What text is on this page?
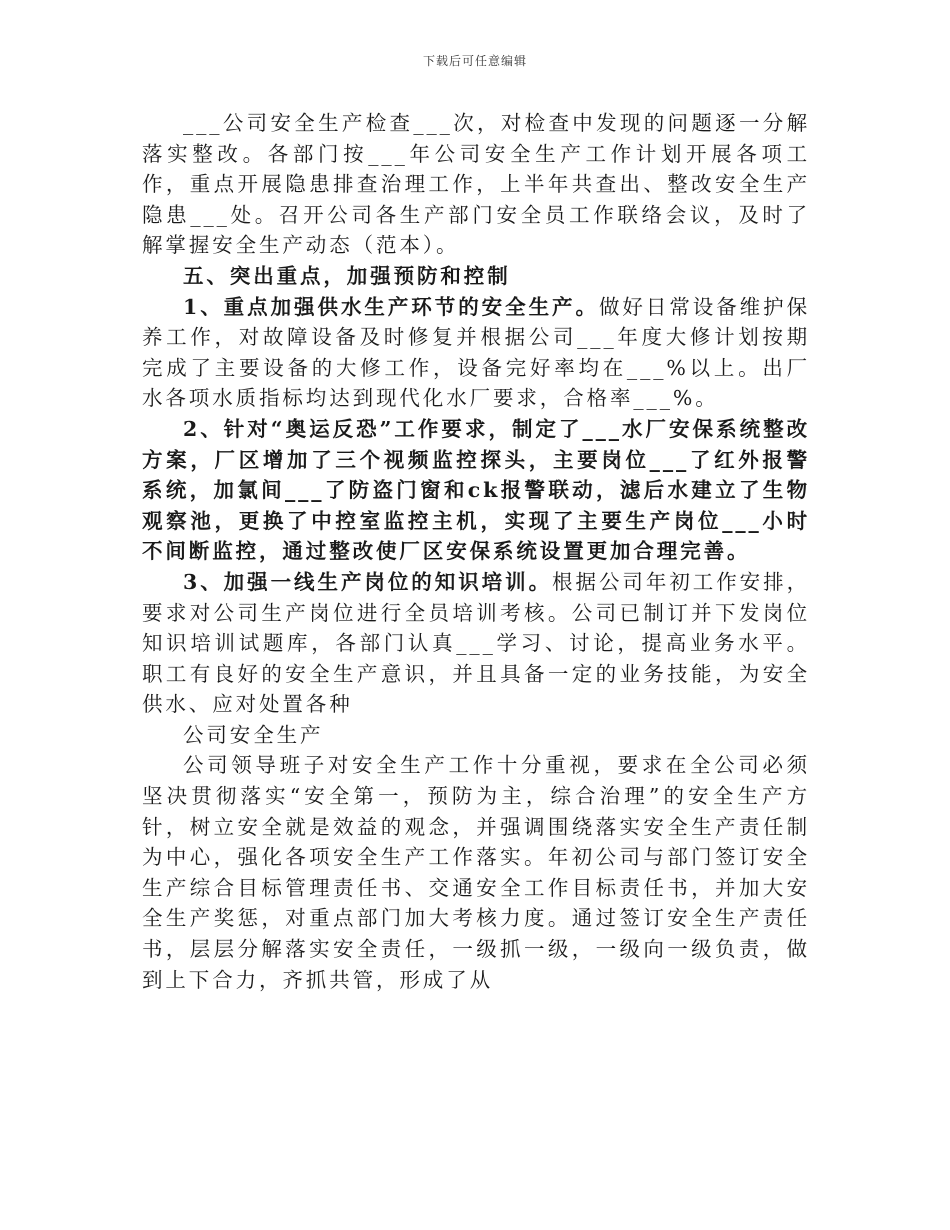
下载后可任意编辑

___公司安全生产检查___次，对检查中发现的问题逐一分解落实整改。各部门按___年公司安全生产工作计划开展各项工作，重点开展隐患排查治理工作，上半年共查出、整改安全生产隐患___处。召开公司各生产部门安全员工作联络会议，及时了解掌握安全生产动态（范本）。

五、突出重点，加强预防和控制

1、重点加强供水生产环节的安全生产。做好日常设备维护保养工作，对故障设备及时修复并根据公司___年度大修计划按期完成了主要设备的大修工作，设备完好率均在___%以上。出厂水各项水质指标均达到现代化水厂要求，合格率___%。

2、针对“奥运反恐”工作要求，制定了___水厂安保系统整改方案，厂区增加了三个视频监控探头，主要岗位___了红外报警系统，加氯间___了防盗门窗和ck报警联动，滤后水建立了生物观察池，更换了中控室监控主机，实现了主要生产岗位___小时不间断监控，通过整改使厂区安保系统设置更加合理完善。

3、加强一线生产岗位的知识培训。根据公司年初工作安排，要求对公司生产岗位进行全员培训考核。公司已制订并下发岗位知识培训试题库，各部门认真___学习、讨论，提高业务水平。职工有良好的安全生产意识，并且具备一定的业务技能，为安全供水、应对处置各种

公司安全生产

公司领导班子对安全生产工作十分重视，要求在全公司必须坚决贯彻落实“安全第一，预防为主，综合治理”的安全生产方针，树立安全就是效益的观念，并强调围绕落实安全生产责任制为中心，强化各项安全生产工作落实。年初公司与部门签订安全生产综合目标管理责任书、交通安全工作目标责任书，并加大安全生产奖惩，对重点部门加大考核力度。通过签订安全生产责任书，层层分解落实安全责任，一级抓一级，一级向一级负责，做到上下合力，齐抓共管，形成了从
